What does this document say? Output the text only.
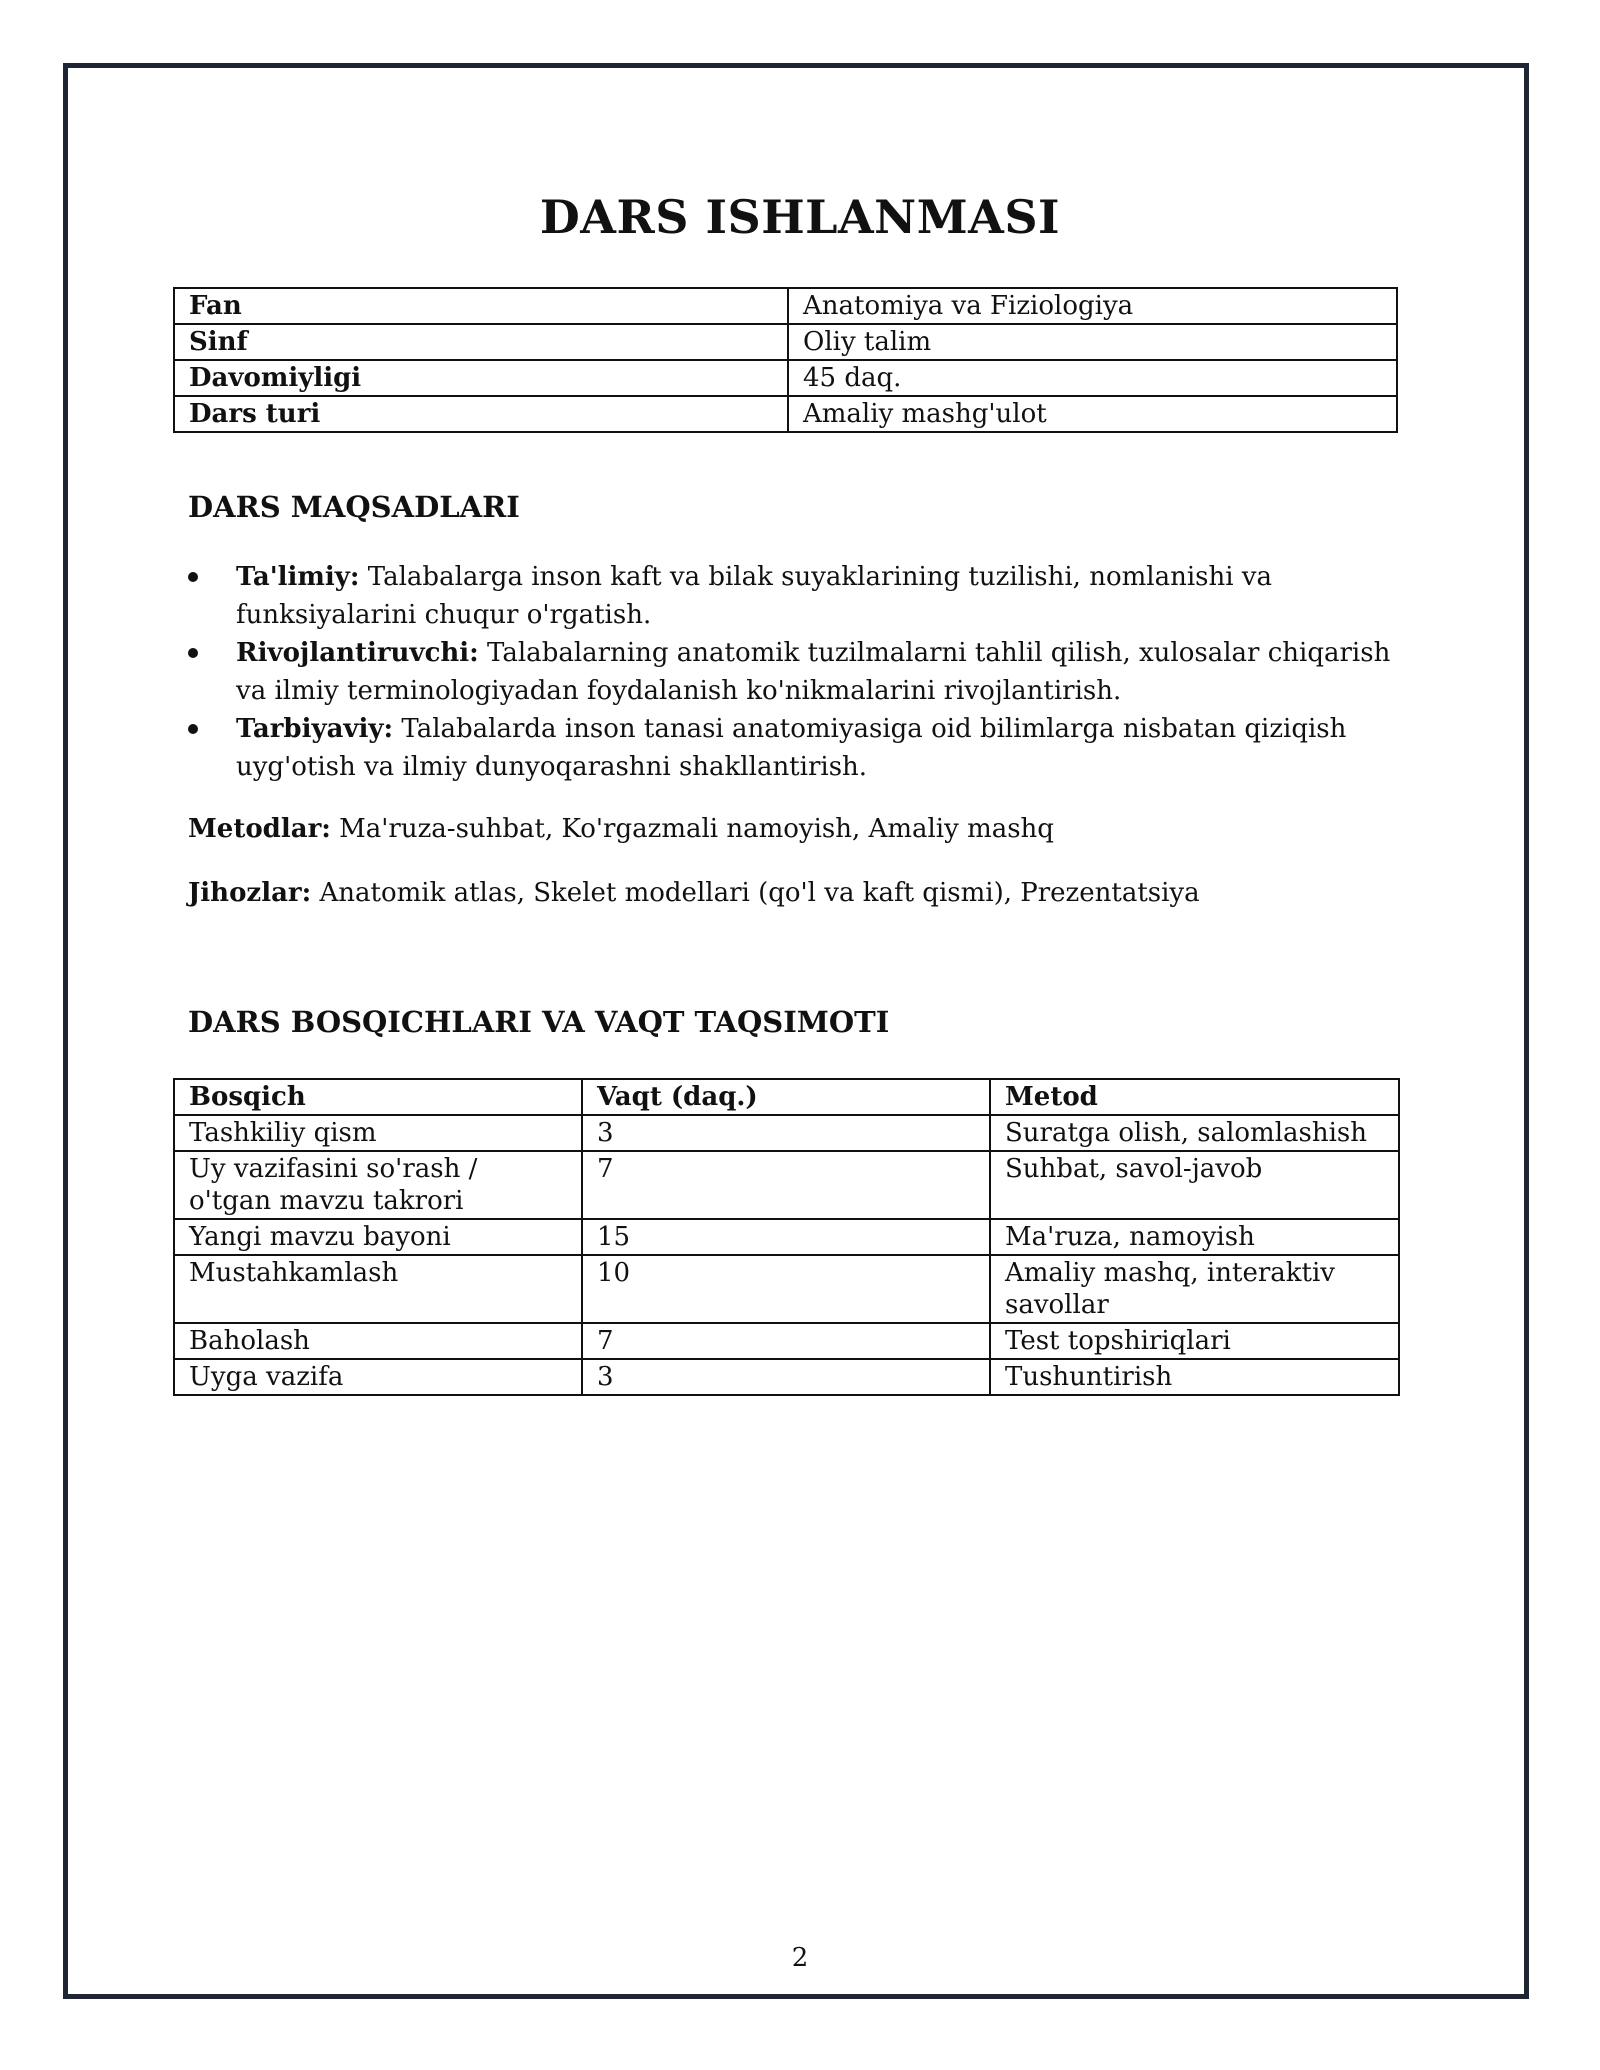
DARS ISHLANMASI
Fan	Anatomiya va Fiziologiya
Sinf	Oliy talim
Davomiyligi	45 daq.
Dars turi	Amaliy mashg'ulot
DARS MAQSADLARI
Ta'limiy: Talabalarga inson kaft va bilak suyaklarining tuzilishi, nomlanishi va funksiyalarini chuqur o'rgatish.
Rivojlantiruvchi: Talabalarning anatomik tuzilmalarni tahlil qilish, xulosalar chiqarish va ilmiy terminologiyadan foydalanish ko'nikmalarini rivojlantirish.
Tarbiyaviy: Talabalarda inson tanasi anatomiyasiga oid bilimlarga nisbatan qiziqish uyg'otish va ilmiy dunyoqarashni shakllantirish.

Metodlar: Ma'ruza-suhbat, Ko'rgazmali namoyish, Amaliy mashq

Jihozlar: Anatomik atlas, Skelet modellari (qo'l va kaft qismi), Prezentatsiya

DARS BOSQICHLARI VA VAQT TAQSIMOTI
Bosqich	Vaqt (daq.)	Metod
Tashkiliy qism	3	Suratga olish, salomlashish
Uy vazifasini so'rash / o'tgan mavzu takrori	7	Suhbat, savol-javob
Yangi mavzu bayoni	15	Ma'ruza, namoyish
Mustahkamlash	10	Amaliy mashq, interaktiv savollar
Baholash	7	Test topshiriqlari
Uyga vazifa	3	Tushuntirish

2
